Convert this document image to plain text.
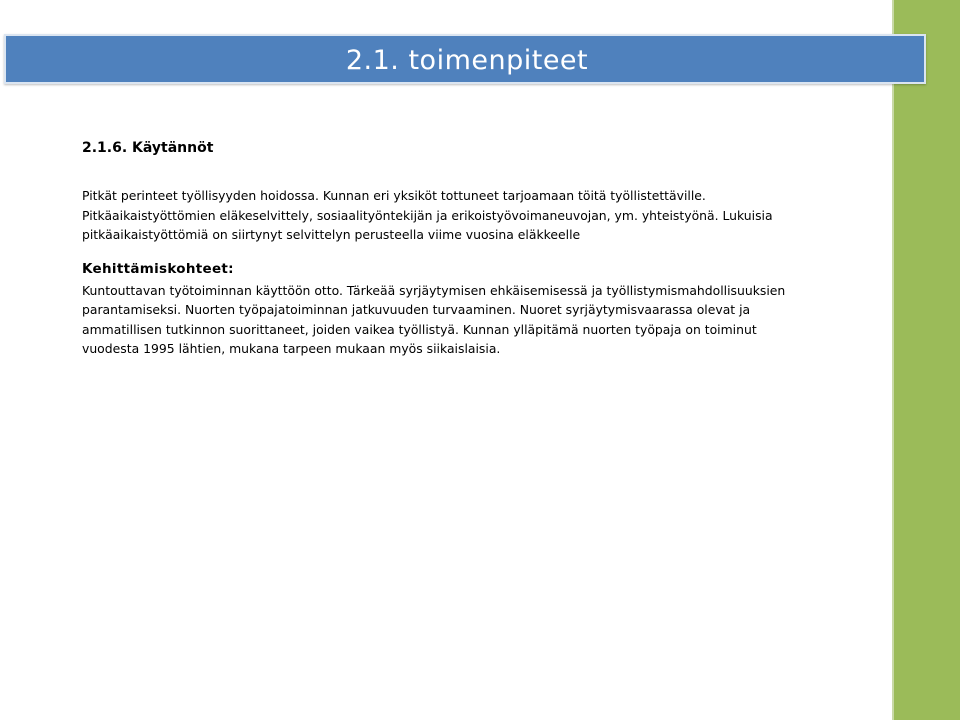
2.1. toimenpiteet
2.1.6. Käytännöt

Pitkät perinteet työllisyyden hoidossa. Kunnan eri yksiköt tottuneet tarjoamaan töitä työllistettäville.

Pitkäaikaistyöttömien eläkeselvittely, sosiaalityöntekijän ja erikoistyövoimaneuvojan, ym. yhteistyönä. Lukuisia

pitkäaikaistyöttömiä on siirtynyt selvittelyn perusteella viime vuosina eläkkeelle

Kehittämiskohteet:

Kuntouttavan työtoiminnan käyttöön otto. Tärkeää syrjäytymisen ehkäisemisessä ja työllistymismahdollisuuksien

parantamiseksi. Nuorten työpajatoiminnan jatkuvuuden turvaaminen. Nuoret syrjäytymisvaarassa olevat ja

ammatillisen tutkinnon suorittaneet, joiden vaikea työllistyä. Kunnan ylläpitämä nuorten työpaja on toiminut

vuodesta 1995 lähtien, mukana tarpeen mukaan myös siikaislaisia.
